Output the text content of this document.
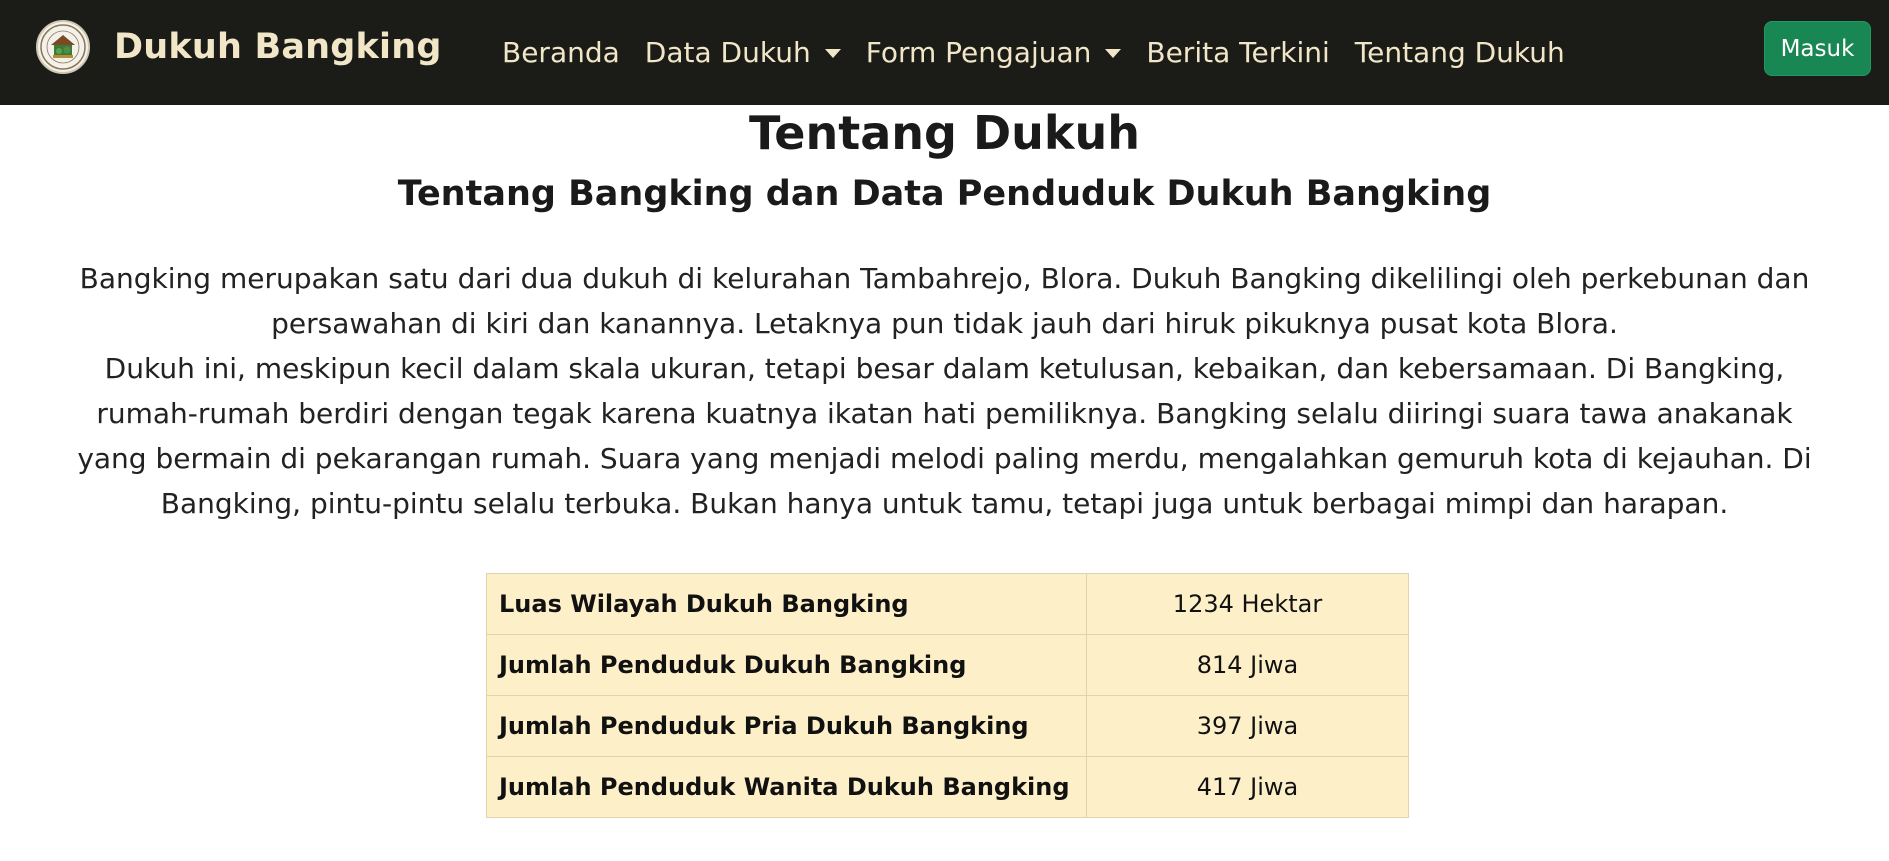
Dukuh Bangking Beranda Data Dukuh Form Pengajuan Berita Terkini Tentang Dukuh	Masuk
Tentang Dukuh
Tentang Bangking dan Data Penduduk Dukuh Bangking

Bangking merupakan satu dari dua dukuh di kelurahan Tambahrejo, Blora. Dukuh Bangking dikelilingi oleh perkebunan dan persawahan di kiri dan kanannya. Letaknya pun tidak jauh dari hiruk pikuknya pusat kota Blora.

Dukuh ini, meskipun kecil dalam skala ukuran, tetapi besar dalam ketulusan, kebaikan, dan kebersamaan. Di Bangking, rumah-rumah berdiri dengan tegak karena kuatnya ikatan hati pemiliknya. Bangking selalu diiringi suara tawa anakanak yang bermain di pekarangan rumah. Suara yang menjadi melodi paling merdu, mengalahkan gemuruh kota di kejauhan. Di Bangking, pintu-pintu selalu terbuka. Bukan hanya untuk tamu, tetapi juga untuk berbagai mimpi dan harapan.

Luas Wilayah Dukuh Bangking	1234 Hektar
Jumlah Penduduk Dukuh Bangking	814 Jiwa
Jumlah Penduduk Pria Dukuh Bangking	397 Jiwa
Jumlah Penduduk Wanita Dukuh Bangking	417 Jiwa
